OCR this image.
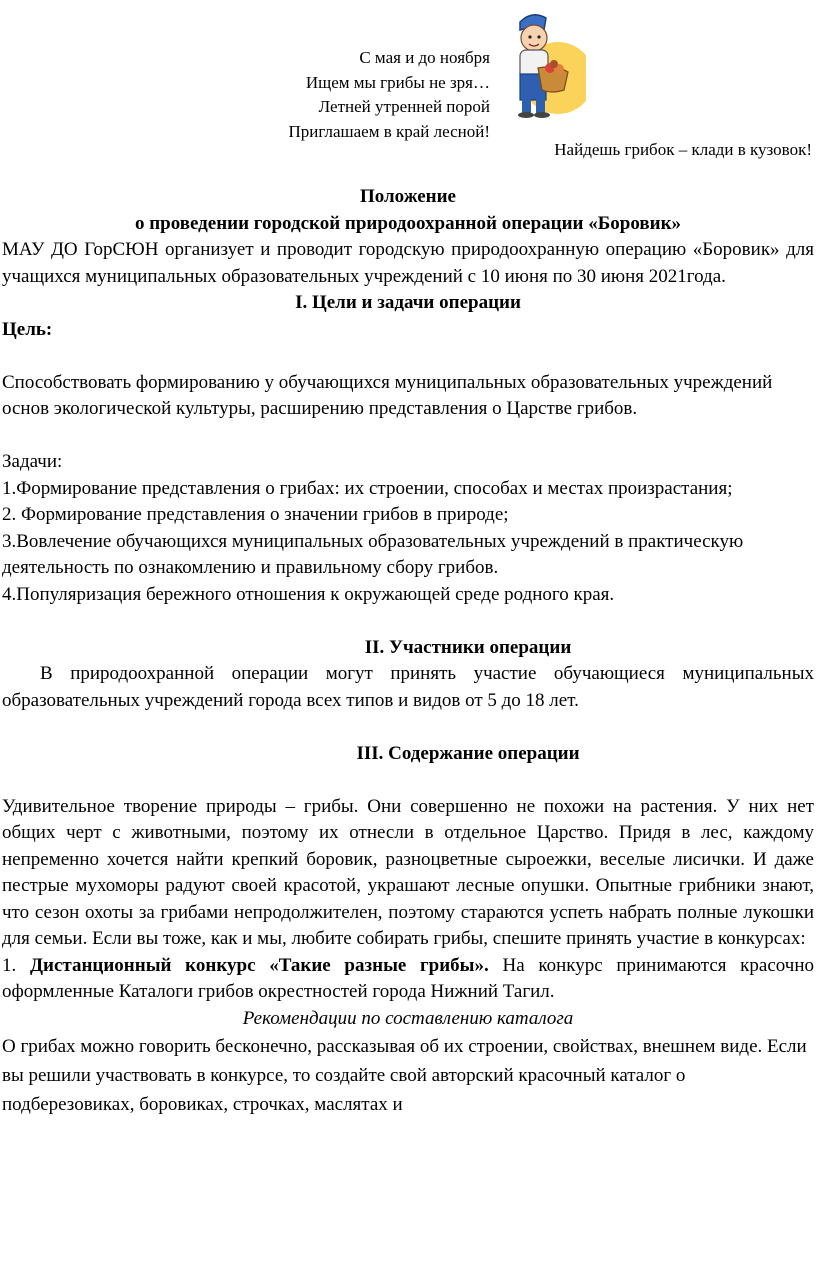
С мая и до ноября
Ищем мы грибы не зря…
Летней утренней порой
Приглашаем в край лесной!
Найдешь грибок – клади в кузовок!

Положение

о проведении городской природоохранной операции «Боровик»

МАУ ДО ГорСЮН организует и проводит городскую природоохранную операцию «Боровик» для учащихся муниципальных образовательных учреждений с 10 июня по 30 июня 2021года.

I. Цели и задачи операции

Цель:

Способствовать формированию у обучающихся муниципальных образовательных учреждений основ экологической культуры, расширению представления о Царстве грибов.

Задачи:

1.Формирование представления о грибах: их строении, способах и местах произрастания;

2. Формирование представления о значении грибов в природе;

3.Вовлечение обучающихся муниципальных образовательных учреждений в практическую деятельность по ознакомлению и правильному сбору грибов.

4.Популяризация бережного отношения к окружающей среде родного края.

II. Участники операции

В природоохранной операции могут принять участие обучающиеся муниципальных образовательных учреждений города всех типов и видов от 5 до 18 лет.

III. Содержание операции

Удивительное творение природы – грибы. Они совершенно не похожи на растения. У них нет общих черт с животными, поэтому их отнесли в отдельное Царство. Придя в лес, каждому непременно хочется найти крепкий боровик, разноцветные сыроежки, веселые лисички. И даже пестрые мухоморы радуют своей красотой, украшают лесные опушки. Опытные грибники знают, что сезон охоты за грибами непродолжителен, поэтому стараются успеть набрать полные лукошки для семьи. Если вы тоже, как и мы, любите собирать грибы, спешите принять участие в конкурсах:

1. Дистанционный конкурс «Такие разные грибы». На конкурс принимаются красочно оформленные Каталоги грибов окрестностей города Нижний Тагил.

Рекомендации по составлению каталога

О грибах можно говорить бесконечно, рассказывая об их строении, свойствах, внешнем виде. Если вы решили участвовать в конкурсе, то создайте свой авторский красочный каталог о подберезовиках, боровиках, строчках, маслятах и
